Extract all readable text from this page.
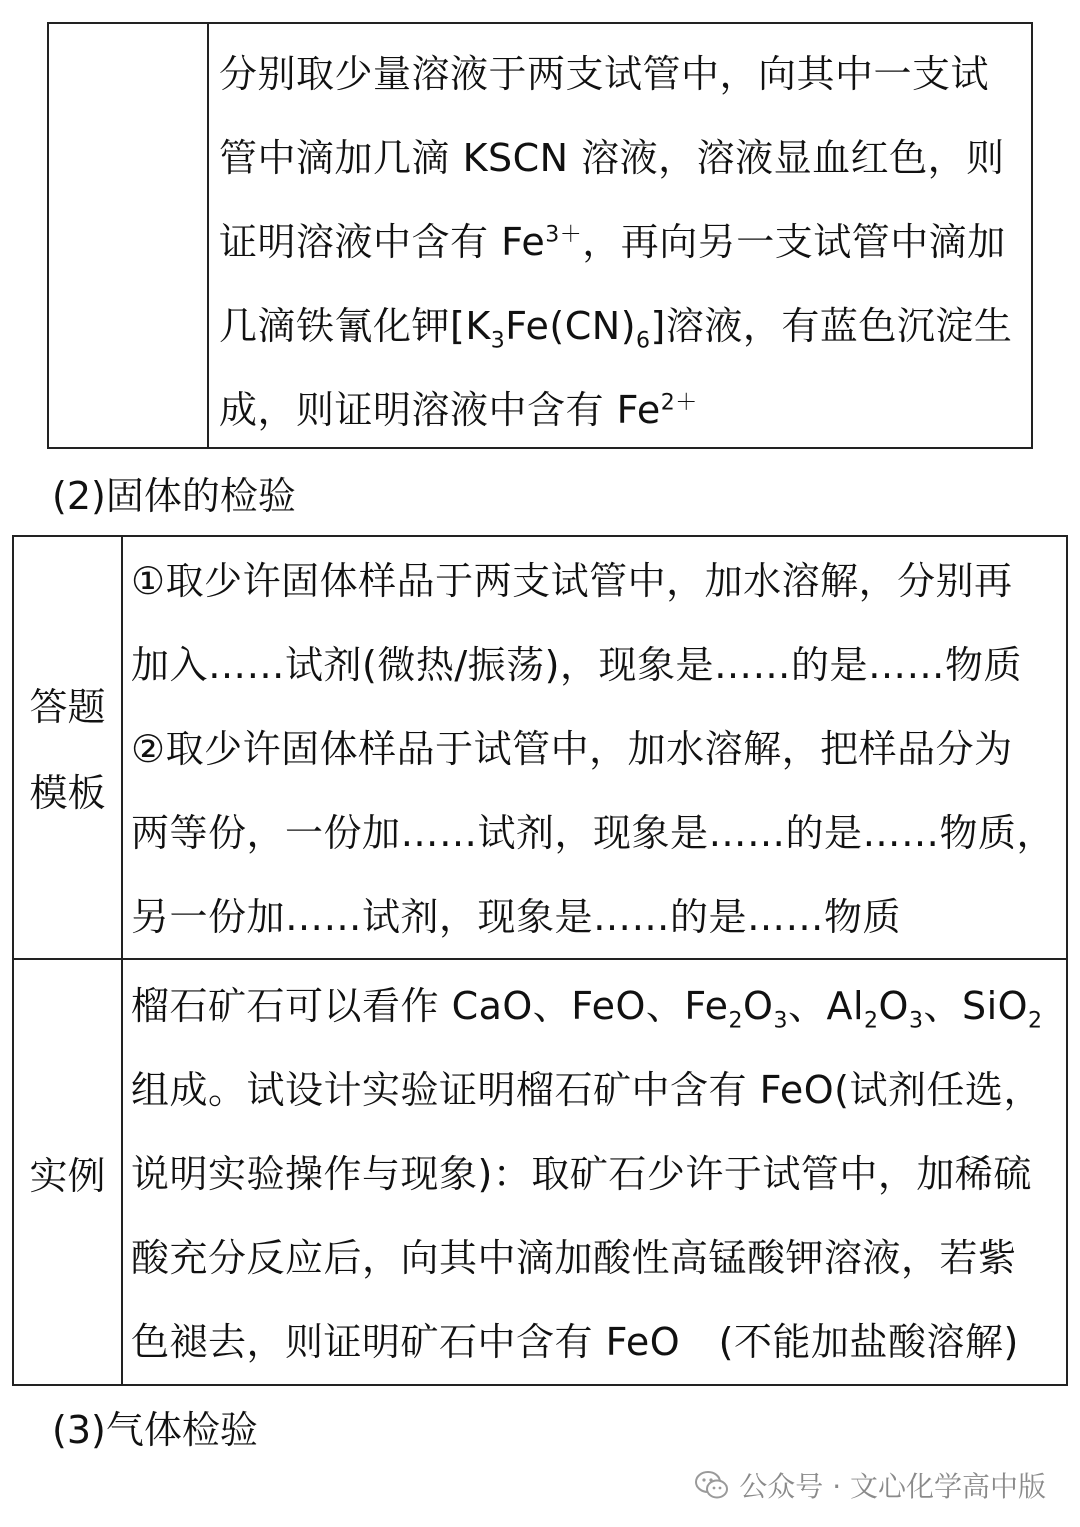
分别取少量溶液于两支试管中，向其中一支试
管中滴加几滴 KSCN 溶液，溶液显血红色，则
证明溶液中含有 $Fe^{3+}$，再向另一支试管中滴加
几滴铁氰化钾$[K_3Fe(CN)_6]$溶液，有蓝色沉淀生
成，则证明溶液中含有 $Fe^{2+}$
(2)固体的检验
答题
模板
①取少许固体样品于两支试管中，加水溶解，分别再
加入……试剂(微热/振荡)，现象是……的是……物质
②取少许固体样品于试管中，加水溶解，把样品分为
两等份，一份加……试剂，现象是……的是……物质，
另一份加……试剂，现象是……的是……物质
实例
榴石矿石可以看作 CaO、FeO、$Fe_2O_3$、$Al_2O_3$、SiO$_2$
组成。试设计实验证明榴石矿中含有 FeO(试剂任选，
说明实验操作与现象)：取矿石少许于试管中，加稀硫
酸充分反应后，向其中滴加酸性高锰酸钾溶液，若紫
色褪去，则证明矿石中含有 FeO　(不能加盐酸溶解)
(3)气体检验
公众号 · 文心化学高中版
